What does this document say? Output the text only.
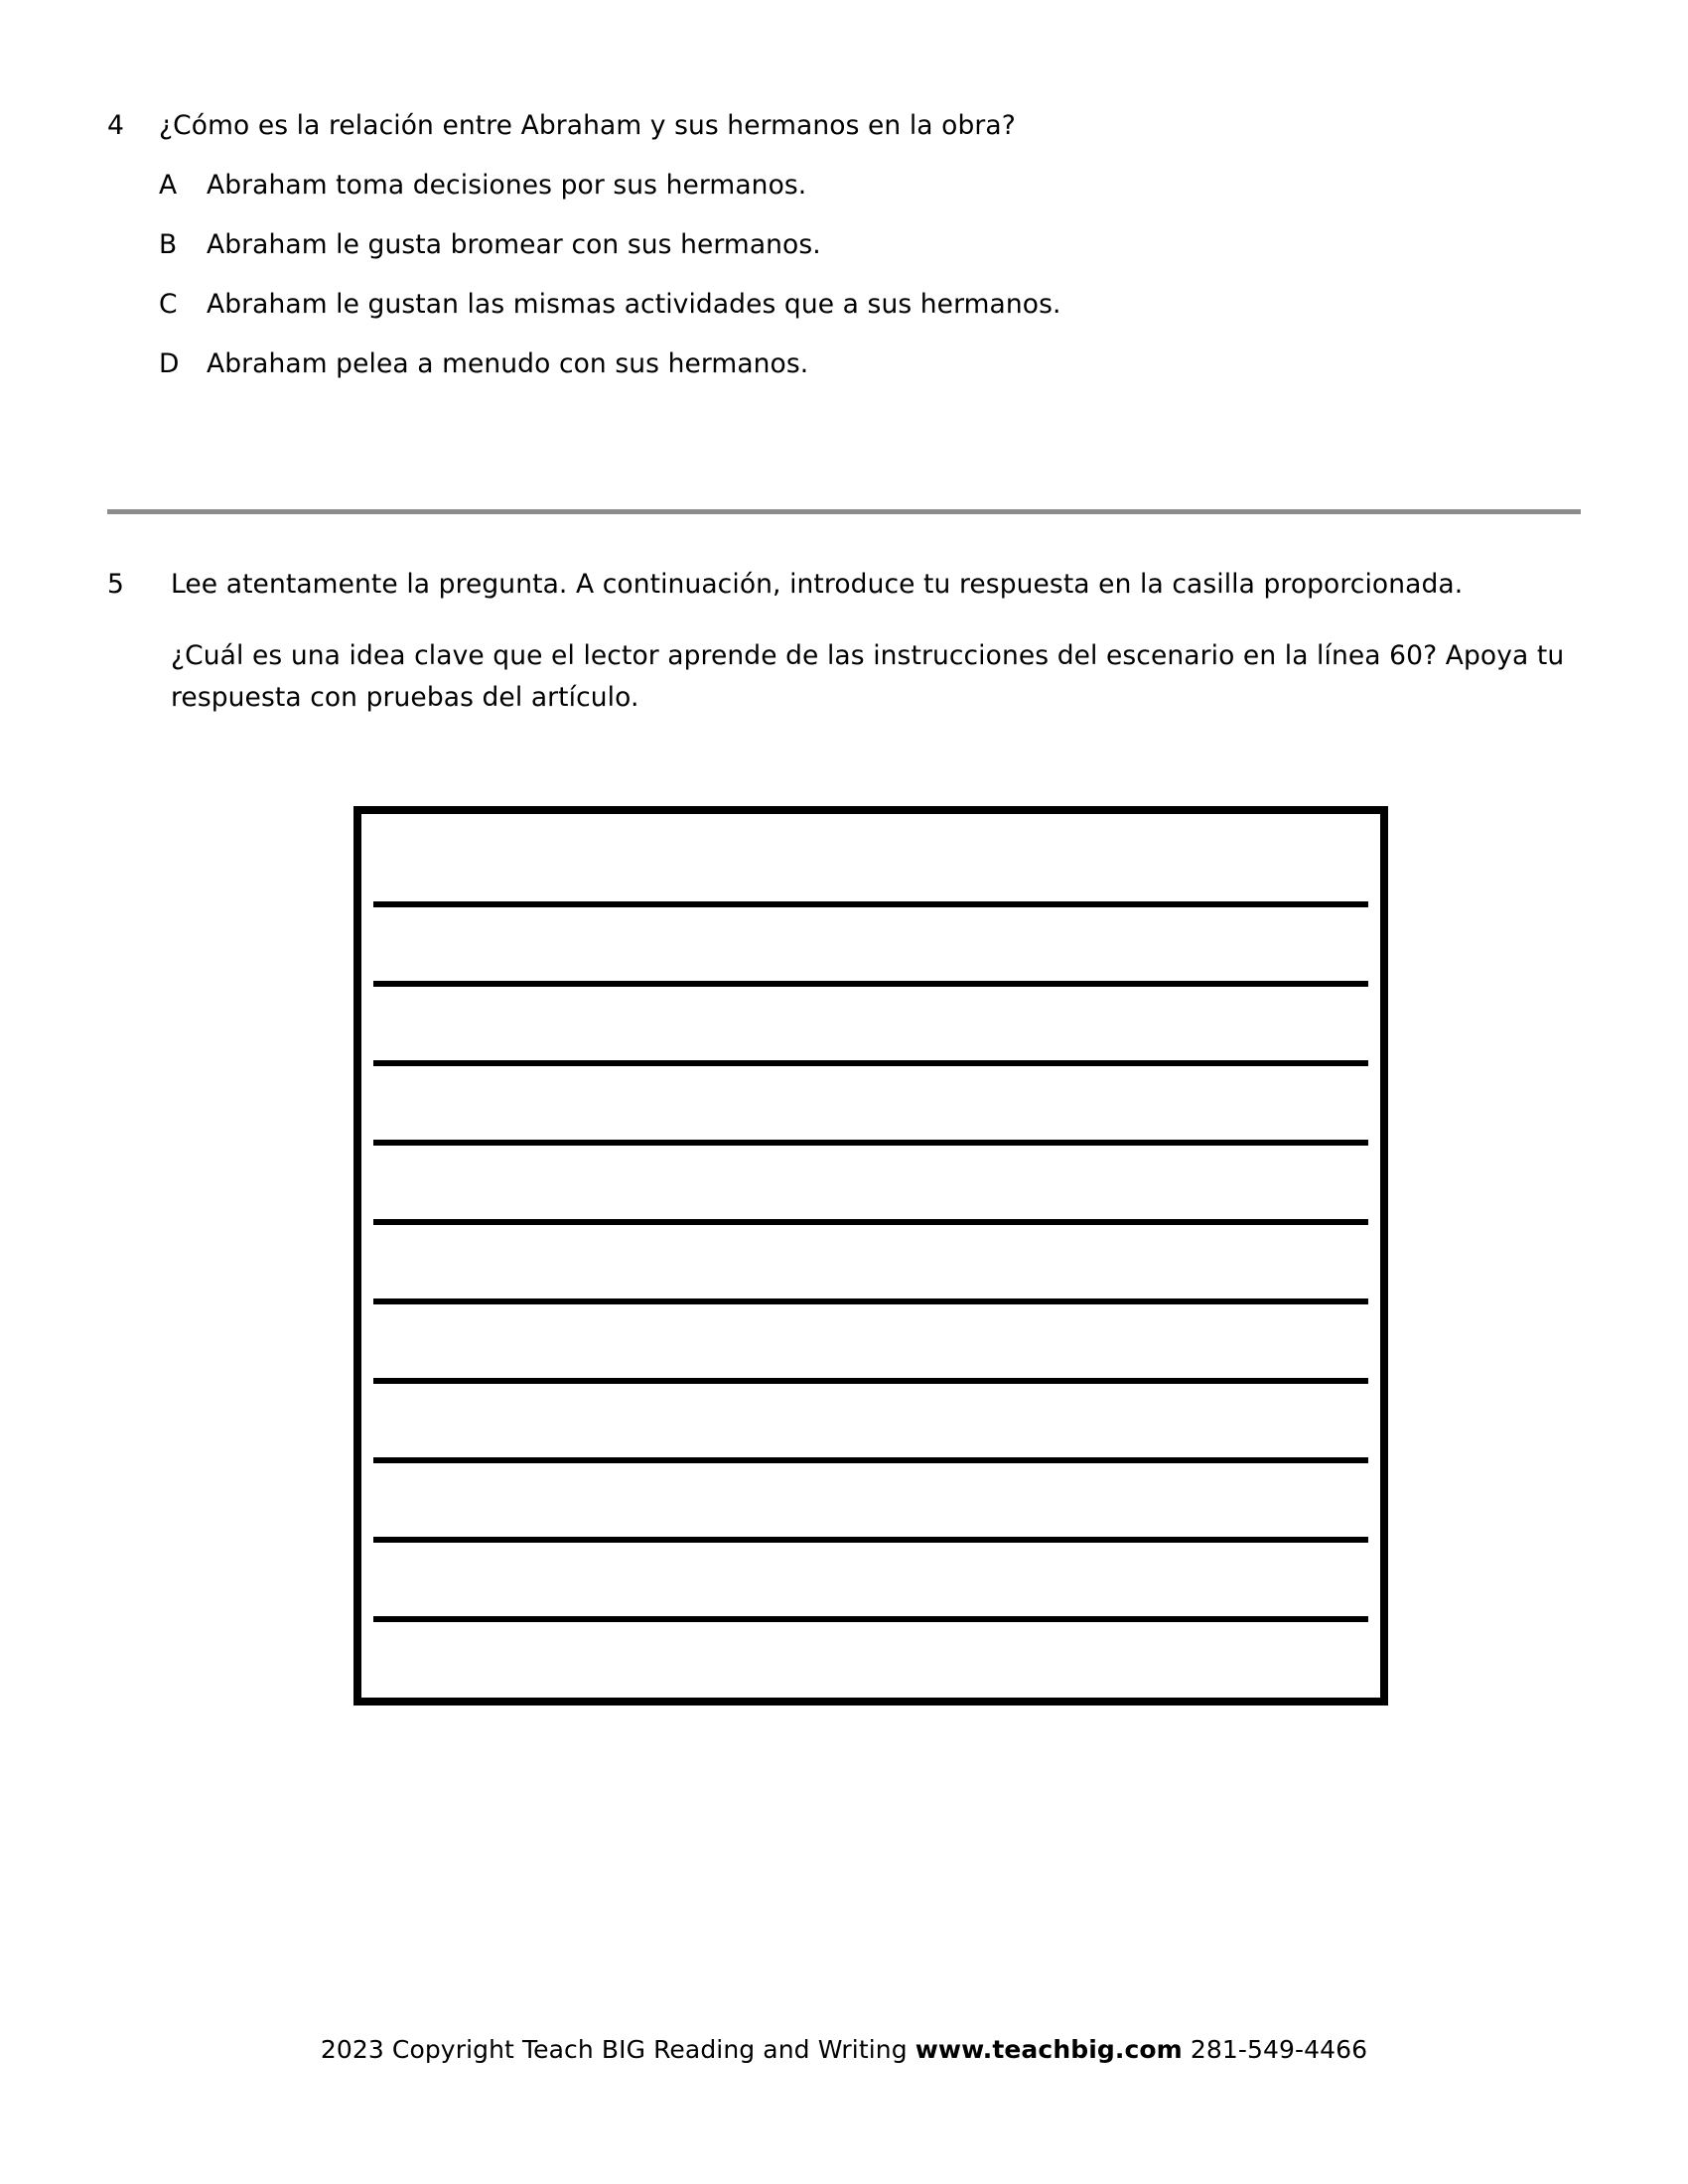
4	¿Cómo es la relación entre Abraham y sus hermanos en la obra?
A	Abraham toma decisiones por sus hermanos.
B	Abraham le gusta bromear con sus hermanos.
C	Abraham le gustan las mismas actividades que a sus hermanos.
D	Abraham pelea a menudo con sus hermanos.
5	Lee atentamente la pregunta. A continuación, introduce tu respuesta en la casilla proporcionada.
¿Cuál es una idea clave que el lector aprende de las instrucciones del escenario en la línea 60? Apoya tu respuesta con pruebas del artículo.
2023 Copyright Teach BIG Reading and Writing www.teachbig.com 281-549-4466
